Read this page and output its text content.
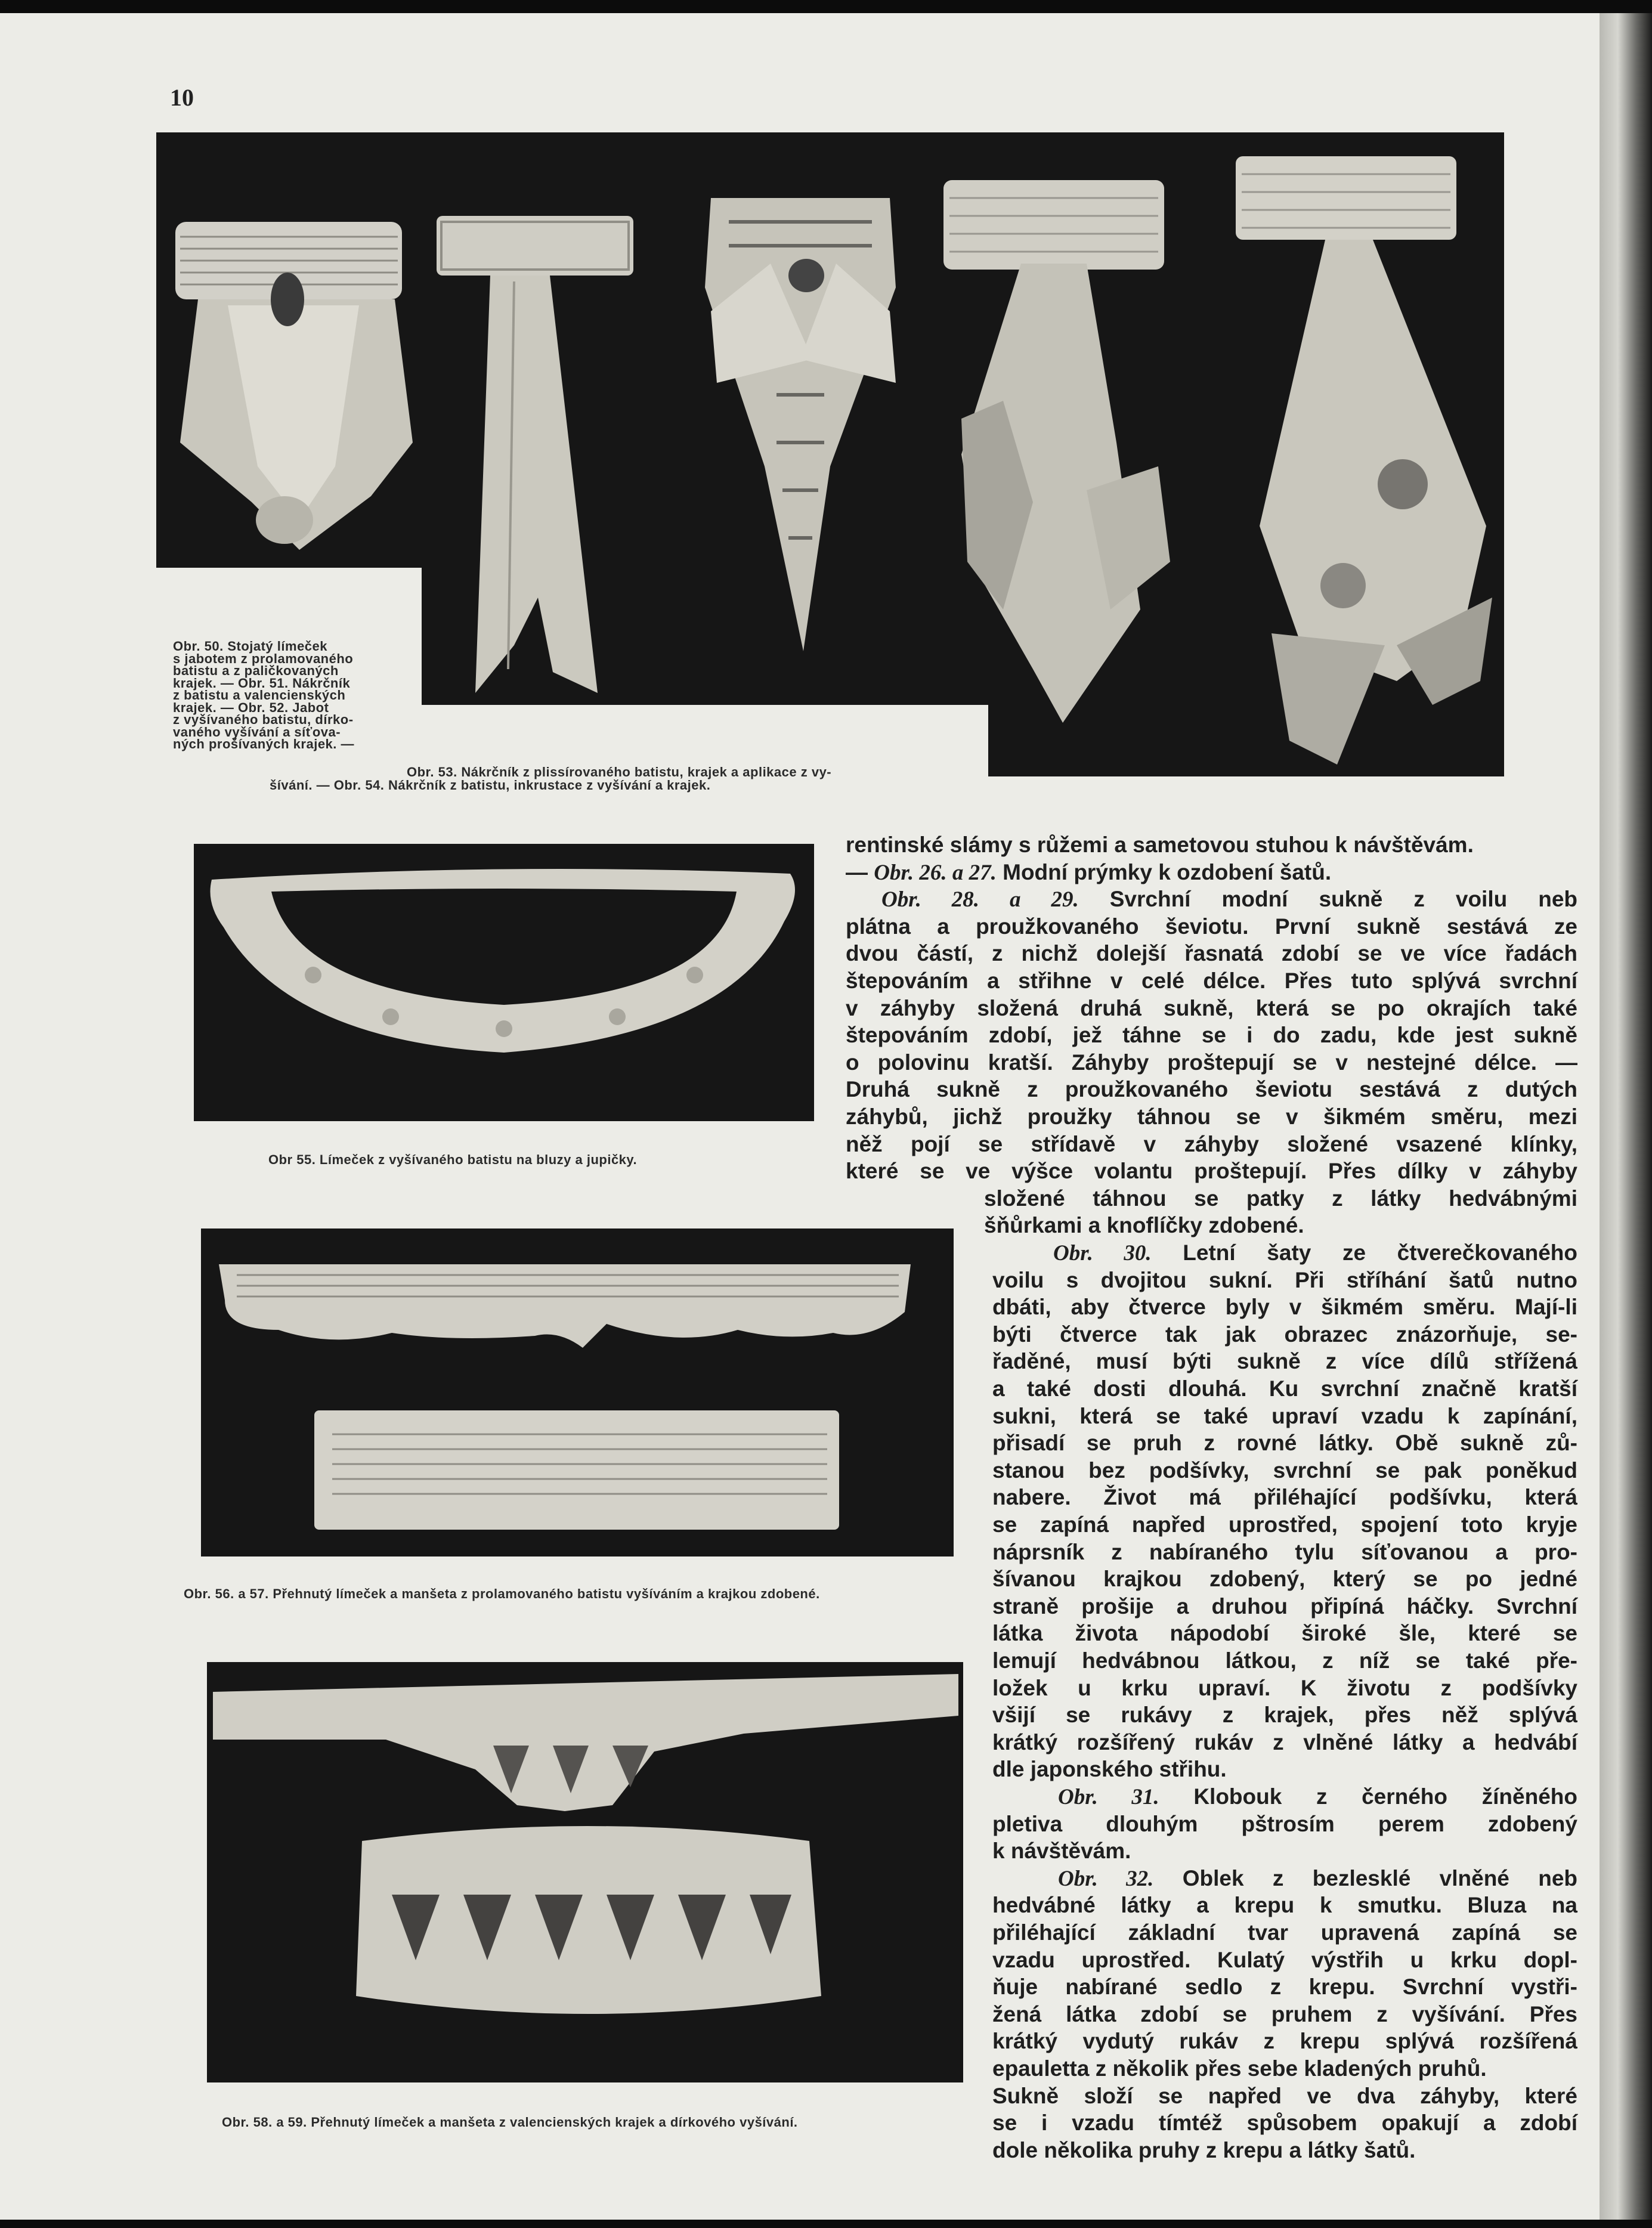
10
Obr. 50. Stojatý límeček
s jabotem z prolamovaného
batistu a z paličkovaných
krajek. — Obr. 51. Nákrčník
z batistu a valencienských
krajek. — Obr. 52. Jabot
z vyšívaného batistu, dírko-
vaného vyšívání a síťova-
ných prošívaných krajek. —
Obr. 53. Nákrčník z plissírovaného batistu, krajek a aplikace z vy-
šívání. — Obr. 54. Nákrčník z batistu, inkrustace z vyšívání a krajek.
Obr 55. Límeček z vyšívaného batistu na bluzy a jupičky.
Obr. 56. a 57. Přehnutý límeček a manšeta z prolamovaného batistu vyšíváním a krajkou zdobené.
Obr. 58. a 59. Přehnutý límeček a manšeta z valencienských krajek a dírkového vyšívání.
rentinské slámy s růžemi a sametovou stuhou k návštěvám.
— Obr. 26. a 27. Modní prýmky k ozdobení šatů.
Obr. 28. a 29. Svrchní modní sukně z voilu neb
plátna a proužkovaného ševiotu. První sukně sestává ze
dvou částí, z nichž dolejší řasnatá zdobí se ve více řadách
štepováním a střihne v celé délce. Přes tuto splývá svrchní
v záhyby složená druhá sukně, která se po okrajích také
štepováním zdobí, jež táhne se i do zadu, kde jest sukně
o polovinu kratší. Záhyby proštepují se v nestejné délce. —
Druhá sukně z proužkovaného ševiotu sestává z dutých
záhybů, jichž proužky táhnou se v šikmém směru, mezi
něž pojí se střídavě v záhyby složené vsazené klínky,
které se ve výšce volantu proštepují. Přes dílky v záhyby
složené táhnou se patky z látky hedvábnými
šňůrkami a knoflíčky zdobené.
Obr. 30. Letní šaty ze čtverečkovaného
voilu s dvojitou sukní. Při stříhání šatů nutno
dbáti, aby čtverce byly v šikmém směru. Mají-li
býti čtverce tak jak obrazec znázorňuje, se-
řaděné, musí býti sukně z více dílů střížená
a také dosti dlouhá. Ku svrchní značně kratší
sukni, která se také upraví vzadu k zapínání,
přisadí se pruh z rovné látky. Obě sukně zů-
stanou bez podšívky, svrchní se pak poněkud
nabere. Život má přiléhající podšívku, která
se zapíná napřed uprostřed, spojení toto kryje
náprsník z nabíraného tylu síťovanou a pro-
šívanou krajkou zdobený, který se po jedné
straně prošije a druhou připíná háčky. Svrchní
látka života nápodobí široké šle, které se
lemují hedvábnou látkou, z níž se také pře-
ložek u krku upraví. K životu z podšívky
všijí se rukávy z krajek, přes něž splývá
krátký rozšířený rukáv z vlněné látky a hedvábí
dle japonského střihu.
Obr. 31. Klobouk z černého žíněného
pletiva dlouhým pštrosím perem zdobený
k návštěvám.
Obr. 32. Oblek z bezlesklé vlněné neb
hedvábné látky a krepu k smutku. Bluza na
přiléhající základní tvar upravená zapíná se
vzadu uprostřed. Kulatý výstřih u krku dopl-
ňuje nabírané sedlo z krepu. Svrchní vystři-
žená látka zdobí se pruhem z vyšívání. Přes
krátký vydutý rukáv z krepu splývá rozšířená
epauletta z několik přes sebe kladených pruhů.
Sukně složí se napřed ve dva záhyby, které
se i vzadu tímtéž spůsobem opakují a zdobí
dole několika pruhy z krepu a látky šatů.
